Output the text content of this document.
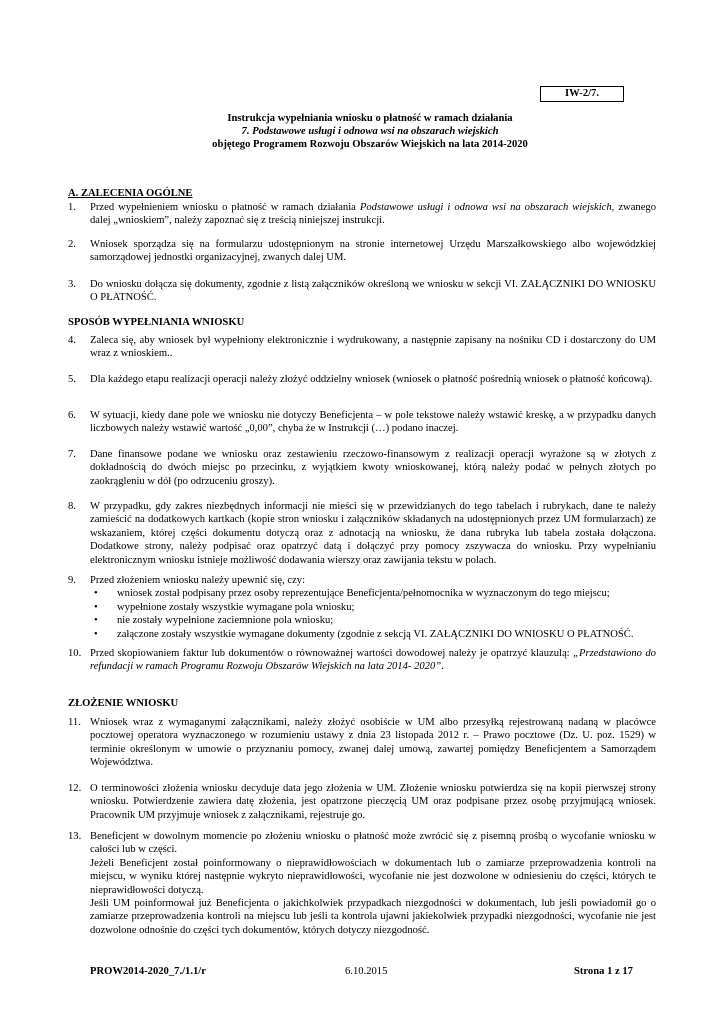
IW-2/7.
Instrukcja wypełniania wniosku o płatność w ramach działania
7. Podstawowe usługi i odnowa wsi na obszarach wiejskich
objętego Programem Rozwoju Obszarów Wiejskich na lata 2014-2020
A. ZALECENIA OGÓLNE
1. Przed wypełnieniem wniosku o płatność w ramach działania Podstawowe usługi i odnowa wsi na obszarach wiejskich, zwanego dalej „wnioskiem”, należy zapoznać się z treścią niniejszej instrukcji.
2. Wniosek sporządza się na formularzu udostępnionym na stronie internetowej Urzędu Marszałkowskiego albo wojewódzkiej samorządowej jednostki organizacyjnej, zwanych dalej UM.
3. Do wniosku dołącza się dokumenty, zgodnie z listą załączników określoną we wniosku w sekcji VI. ZAŁĄCZNIKI DO WNIOSKU O PŁATNOŚĆ.
SPOSÓB WYPEŁNIANIA WNIOSKU
4. Zaleca się, aby wniosek był wypełniony elektronicznie i wydrukowany, a następnie zapisany na nośniku CD i dostarczony do UM wraz z wnioskiem..
5. Dla każdego etapu realizacji operacji należy złożyć oddzielny wniosek (wniosek o płatność pośrednią wniosek o płatność końcową).
6. W sytuacji, kiedy dane pole we wniosku nie dotyczy Beneficjenta – w pole tekstowe należy wstawić kreskę, a w przypadku danych liczbowych należy wstawić wartość „0,00”, chyba że w Instrukcji (…) podano inaczej.
7. Dane finansowe podane we wniosku oraz zestawieniu rzeczowo-finansowym z realizacji operacji wyrażone są w złotych z dokładnością do dwóch miejsc po przecinku, z wyjątkiem kwoty wnioskowanej, którą należy podać w pełnych złotych po zaokrągleniu w dół (po odrzuceniu groszy).
8. W przypadku, gdy zakres niezbędnych informacji nie mieści się w przewidzianych do tego tabelach i rubrykach, dane te należy zamieścić na dodatkowych kartkach (kopie stron wniosku i załączników składanych na udostępnionych przez UM formularzach) ze wskazaniem, której części dokumentu dotyczą oraz z adnotacją na wniosku, że dana rubryka lub tabela została dołączona. Dodatkowe strony, należy podpisać oraz opatrzyć datą i dołączyć przy pomocy zszywacza do wniosku. Przy wypełnianiu elektronicznym wniosku istnieje możliwość dodawania wierszy oraz zawijania tekstu w polach.
9. Przed złożeniem wniosku należy upewnić się, czy:
• wniosek został podpisany przez osoby reprezentujące Beneficjenta/pełnomocnika w wyznaczonym do tego miejscu;
• wypełnione zostały wszystkie wymagane pola wniosku;
• nie zostały wypełnione zaciemnione pola wniosku;
• załączone zostały wszystkie wymagane dokumenty (zgodnie z sekcją VI. ZAŁĄCZNIKI DO WNIOSKU O PŁATNOŚĆ.
10. Przed skopiowaniem faktur lub dokumentów o równoważnej wartości dowodowej należy je opatrzyć klauzulą: „Przedstawiono do refundacji w ramach Programu Rozwoju Obszarów Wiejskich na lata 2014- 2020”.
ZŁOŻENIE WNIOSKU
11. Wniosek wraz z wymaganymi załącznikami, należy złożyć osobiście w UM albo przesyłką rejestrowaną nadaną w placówce pocztowej operatora wyznaczonego w rozumieniu ustawy z dnia 23 listopada 2012 r. – Prawo pocztowe (Dz. U. poz. 1529) w terminie określonym w umowie o przyznaniu pomocy, zwanej dalej umową, zawartej pomiędzy Beneficjentem a Samorządem Województwa.
12. O terminowości złożenia wniosku decyduje data jego złożenia w UM. Złożenie wniosku potwierdza się na kopii pierwszej strony wniosku. Potwierdzenie zawiera datę złożenia, jest opatrzone pieczęcią UM oraz podpisane przez osobę przyjmującą wniosek. Pracownik UM przyjmuje wniosek z załącznikami, rejestruje go.
13. Beneficjent w dowolnym momencie po złożeniu wniosku o płatność może zwrócić się z pisemną prośbą o wycofanie wniosku w całości lub w części.
Jeżeli Beneficjent został poinformowany o nieprawidłowościach w dokumentach lub o zamiarze przeprowadzenia kontroli na miejscu, w wyniku której następnie wykryto nieprawidłowości, wycofanie nie jest dozwolone w odniesieniu do części, których te nieprawidłowości dotyczą.
Jeśli UM poinformował już Beneficjenta o jakichkolwiek przypadkach niezgodności w dokumentach, lub jeśli powiadomił go o zamiarze przeprowadzenia kontroli na miejscu lub jeśli ta kontrola ujawni jakiekolwiek przypadki niezgodności, wycofanie nie jest dozwolone odnośnie do części tych dokumentów, których dotyczy niezgodność.
PROW2014-2020_7./1.1/r	6.10.2015	Strona 1 z 17
